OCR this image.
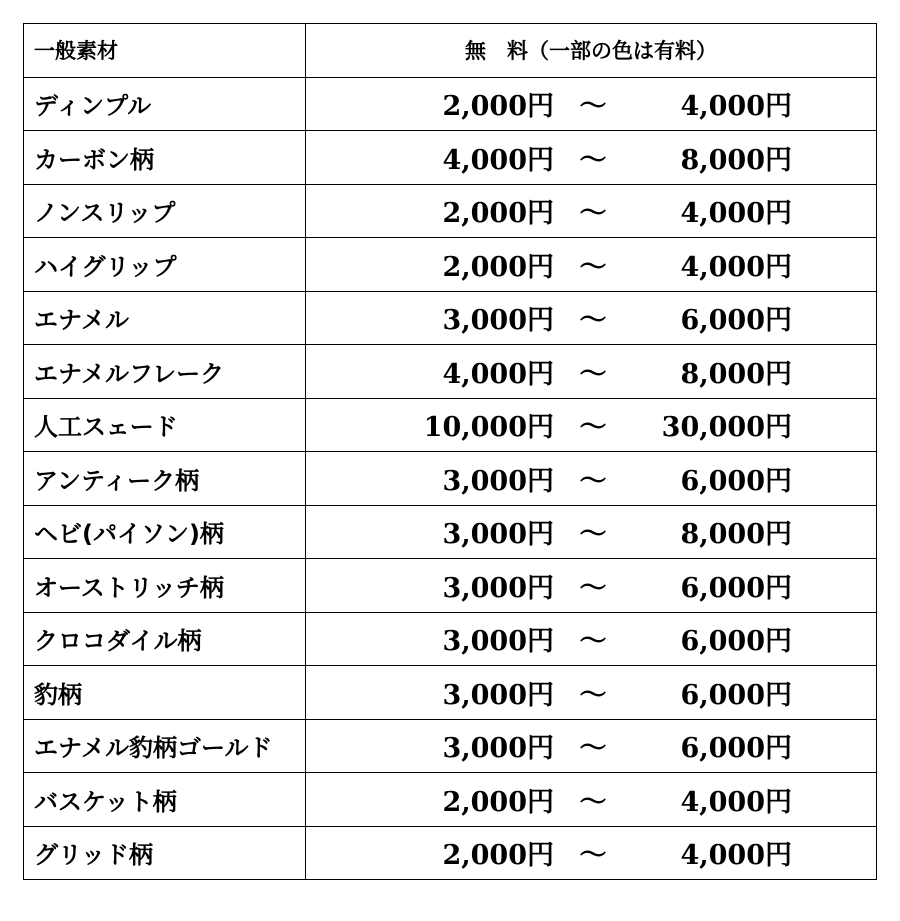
一般素材	無　料（一部の色は有料）
ディンプル	2,000円 ～ 4,000円

カーボン柄	4,000円 ～ 8,000円

ノンスリップ	2,000円 ～ 4,000円

ハイグリップ	2,000円 ～ 4,000円

エナメル	3,000円 ～ 6,000円

エナメルフレーク	4,000円 ～ 8,000円

人工スェード	10,000円 ～ 30,000円

アンティーク柄	3,000円 ～ 6,000円

ヘビ(パイソン)柄	3,000円 ～ 8,000円

オーストリッチ柄	3,000円 ～ 6,000円

クロコダイル柄	3,000円 ～ 6,000円

豹柄	3,000円 ～ 6,000円

エナメル豹柄ゴールド	3,000円 ～ 6,000円

バスケット柄	2,000円 ～ 4,000円

グリッド柄	2,000円 ～ 4,000円
